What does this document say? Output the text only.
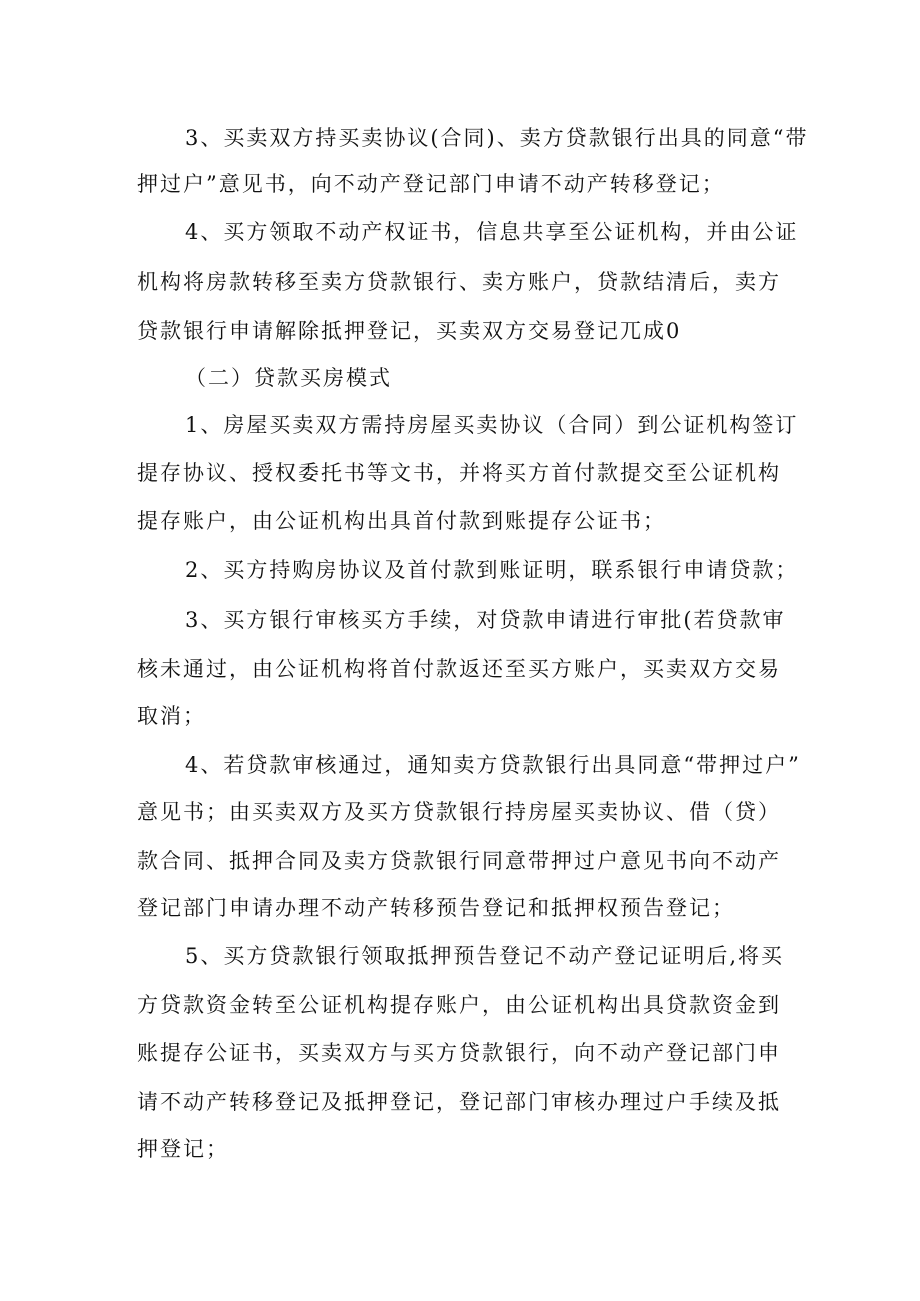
3、买卖双方持买卖协议(合同)、卖方贷款银行出具的同意“带
押过户”意见书，向不动产登记部门申请不动产转移登记；
4、买方领取不动产权证书，信息共享至公证机构，并由公证
机构将房款转移至卖方贷款银行、卖方账户，贷款结清后，卖方
贷款银行申请解除抵押登记，买卖双方交易登记兀成0
（二）贷款买房模式
1、房屋买卖双方需持房屋买卖协议（合同）到公证机构签订
提存协议、授权委托书等文书，并将买方首付款提交至公证机构
提存账户，由公证机构出具首付款到账提存公证书；
2、买方持购房协议及首付款到账证明，联系银行申请贷款；
3、买方银行审核买方手续，对贷款申请进行审批(若贷款审
核未通过，由公证机构将首付款返还至买方账户，买卖双方交易
取消；
4、若贷款审核通过，通知卖方贷款银行出具同意“带押过户”
意见书；由买卖双方及买方贷款银行持房屋买卖协议、借（贷）
款合同、抵押合同及卖方贷款银行同意带押过户意见书向不动产
登记部门申请办理不动产转移预告登记和抵押权预告登记；
5、买方贷款银行领取抵押预告登记不动产登记证明后,将买
方贷款资金转至公证机构提存账户，由公证机构出具贷款资金到
账提存公证书，买卖双方与买方贷款银行，向不动产登记部门申
请不动产转移登记及抵押登记，登记部门审核办理过户手续及抵
押登记；
